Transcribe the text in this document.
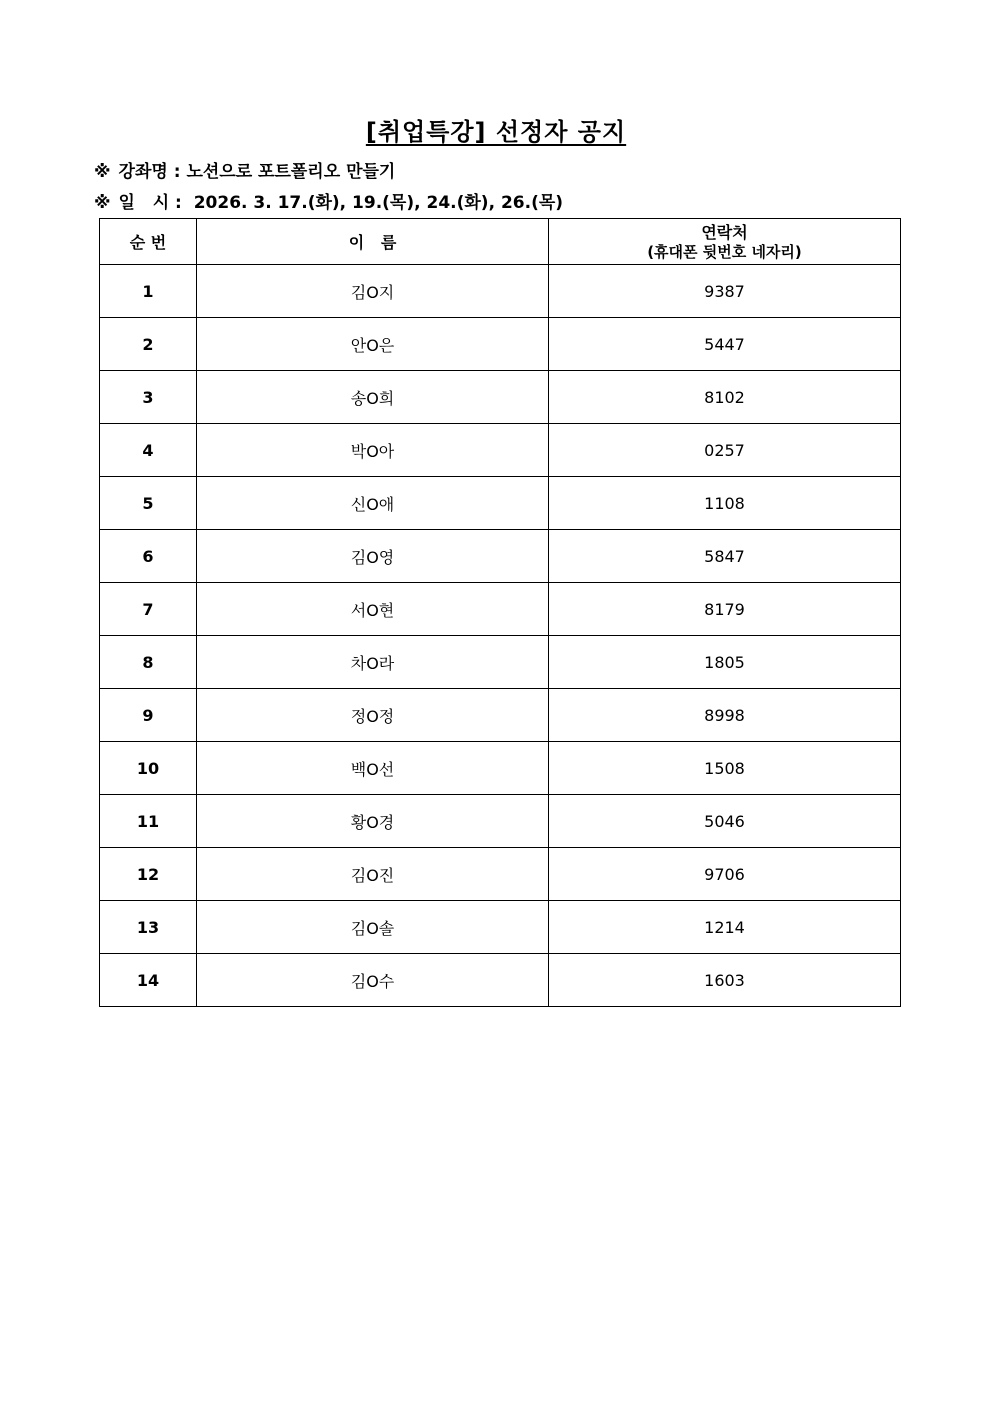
[취업특강] 선정자 공지
※ 강좌명 : 노션으로 포트폴리오 만들기
※ 일   시 : 2026. 3. 17.(화), 19.(목), 24.(화), 26.(목)
순 번	이   름	연락처
(휴대폰 뒷번호 네자리)

1	김O지	9387
2	안O은	5447
3	송O희	8102
4	박O아	0257
5	신O애	1108
6	김O영	5847
7	서O현	8179
8	차O라	1805
9	정O정	8998
10	백O선	1508
11	황O경	5046
12	김O진	9706
13	김O솔	1214
14	김O수	1603
